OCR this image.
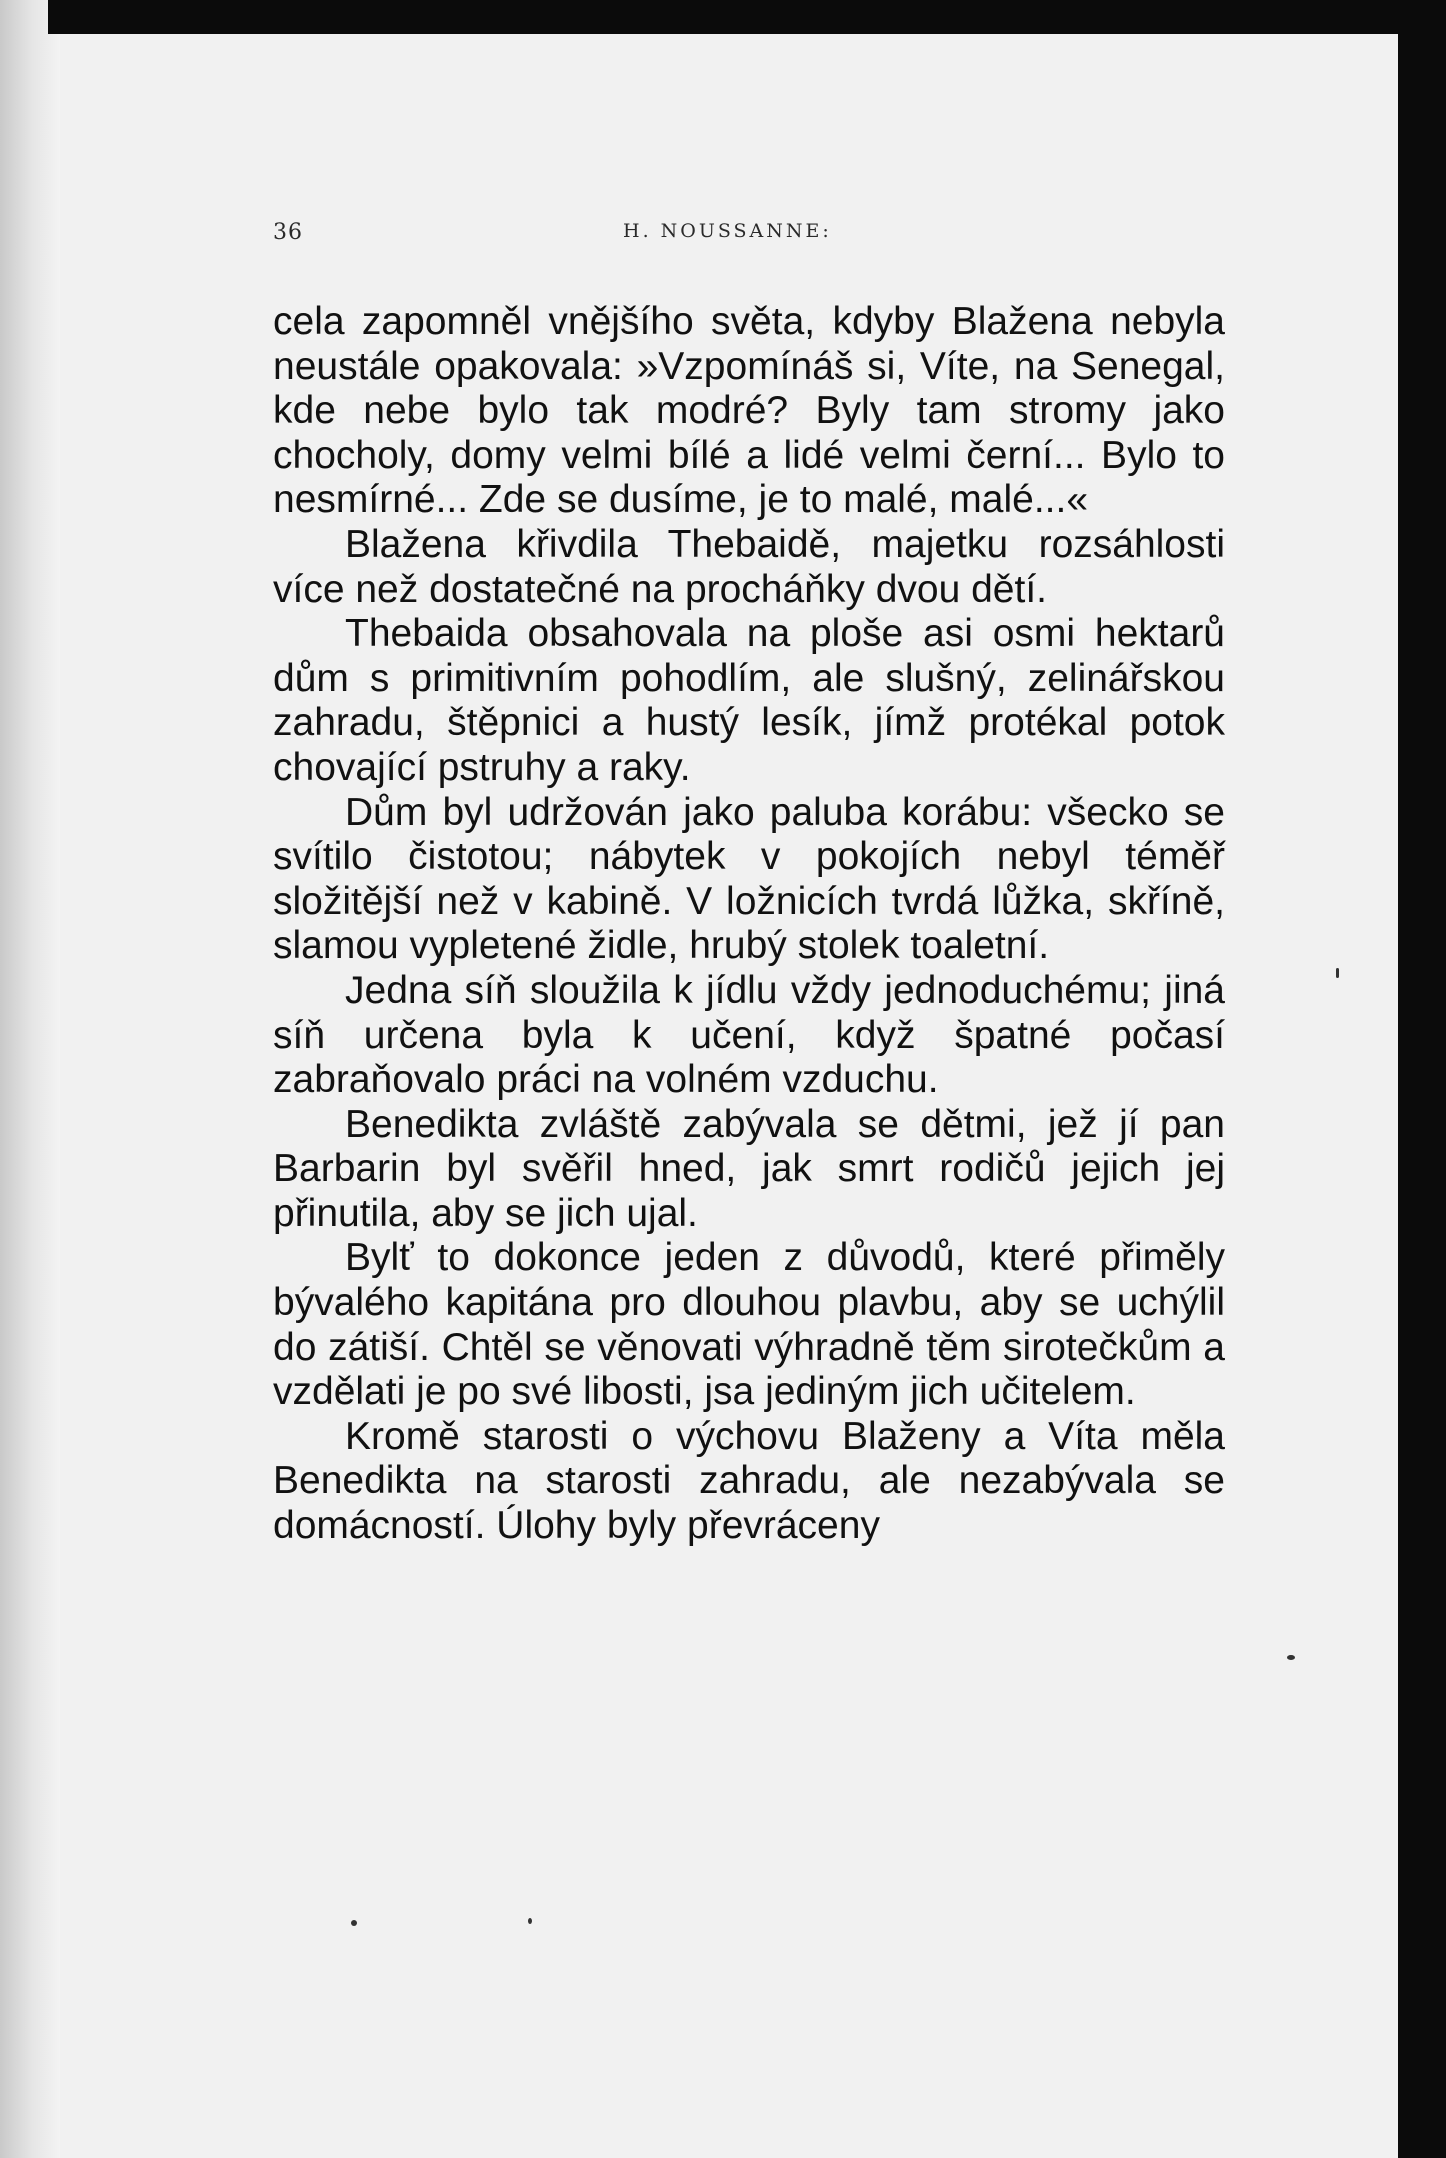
36	H. NOUSSANNE:

cela zapomněl vnějšího světa, kdyby Blažena nebyla neustále opakovala: »Vzpomínáš si, Víte, na Senegal, kde nebe bylo tak modré? Byly tam stromy jako chocholy, domy velmi bílé a lidé velmi černí... Bylo to nesmírné... Zde se dusíme, je to malé, malé...«

Blažena křivdila Thebaidě, majetku rozsáhlosti více než dostatečné na procháňky dvou dětí.

Thebaida obsahovala na ploše asi osmi hektarů dům s primitivním pohodlím, ale slušný, zelinářskou zahradu, štěpnici a hustý lesík, jímž protékal potok chovající pstruhy a raky.

Dům byl udržován jako paluba korábu: všecko se svítilo čistotou; nábytek v pokojích nebyl téměř složitější než v kabině. V ložnicích tvrdá lůžka, skříně, slamou vypletené židle, hrubý stolek toaletní.

Jedna síň sloužila k jídlu vždy jednoduchému; jiná síň určena byla k učení, když špatné počasí zabraňovalo práci na volném vzduchu.

Benedikta zvláště zabývala se dětmi, jež jí pan Barbarin byl svěřil hned, jak smrt rodičů jejich jej přinutila, aby se jich ujal.

Bylť to dokonce jeden z důvodů, které přiměly bývalého kapitána pro dlouhou plavbu, aby se uchýlil do zátiší. Chtěl se věnovati výhradně těm sirotečkům a vzdělati je po své libosti, jsa jediným jich učitelem.

Kromě starosti o výchovu Blaženy a Víta měla Benedikta na starosti zahradu, ale nezabývala se domácností. Úlohy byly převráceny
